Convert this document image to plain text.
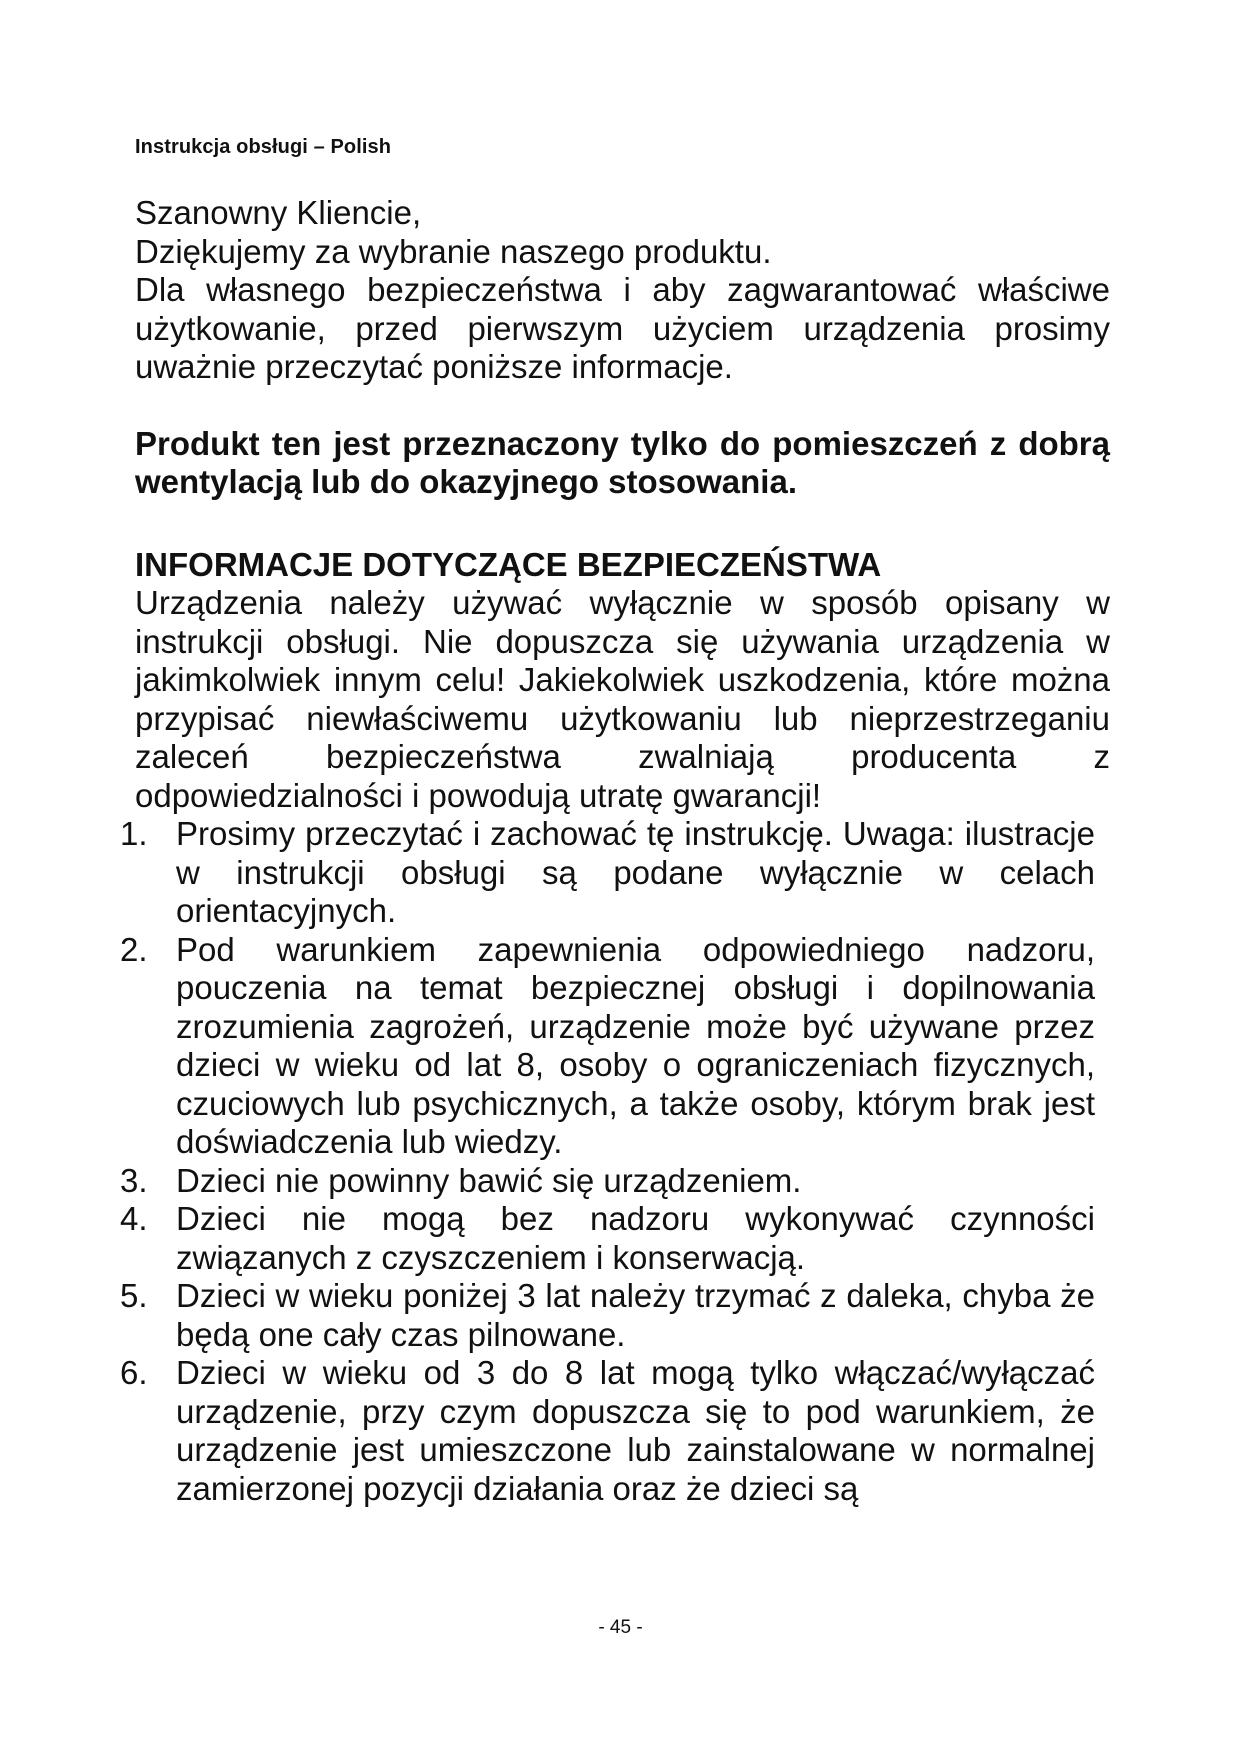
Instrukcja obsługi – Polish

Szanowny Kliencie,

Dziękujemy za wybranie naszego produktu.

Dla własnego bezpieczeństwa i aby zagwarantować właściwe użytkowanie, przed pierwszym użyciem urządzenia prosimy uważnie przeczytać poniższe informacje.

Produkt ten jest przeznaczony tylko do pomieszczeń z dobrą wentylacją lub do okazyjnego stosowania.

INFORMACJE DOTYCZĄCE BEZPIECZEŃSTWA

Urządzenia należy używać wyłącznie w sposób opisany w instrukcji obsługi. Nie dopuszcza się używania urządzenia w jakimkolwiek innym celu! Jakiekolwiek uszkodzenia, które można przypisać niewłaściwemu użytkowaniu lub nieprzestrzeganiu zaleceń bezpieczeństwa zwalniają producenta z odpowiedzialności i powodują utratę gwarancji!

1. Prosimy przeczytać i zachować tę instrukcję. Uwaga: ilustracje w instrukcji obsługi są podane wyłącznie w celach orientacyjnych.
2. Pod warunkiem zapewnienia odpowiedniego nadzoru, pouczenia na temat bezpiecznej obsługi i dopilnowania zrozumienia zagrożeń, urządzenie może być używane przez dzieci w wieku od lat 8, osoby o ograniczeniach fizycznych, czuciowych lub psychicznych, a także osoby, którym brak jest doświadczenia lub wiedzy.
3. Dzieci nie powinny bawić się urządzeniem.
4. Dzieci nie mogą bez nadzoru wykonywać czynności związanych z czyszczeniem i konserwacją.
5. Dzieci w wieku poniżej 3 lat należy trzymać z daleka, chyba że będą one cały czas pilnowane.
6. Dzieci w wieku od 3 do 8 lat mogą tylko włączać/wyłączać urządzenie, przy czym dopuszcza się to pod warunkiem, że urządzenie jest umieszczone lub zainstalowane w normalnej zamierzonej pozycji działania oraz że dzieci są
- 45 -
